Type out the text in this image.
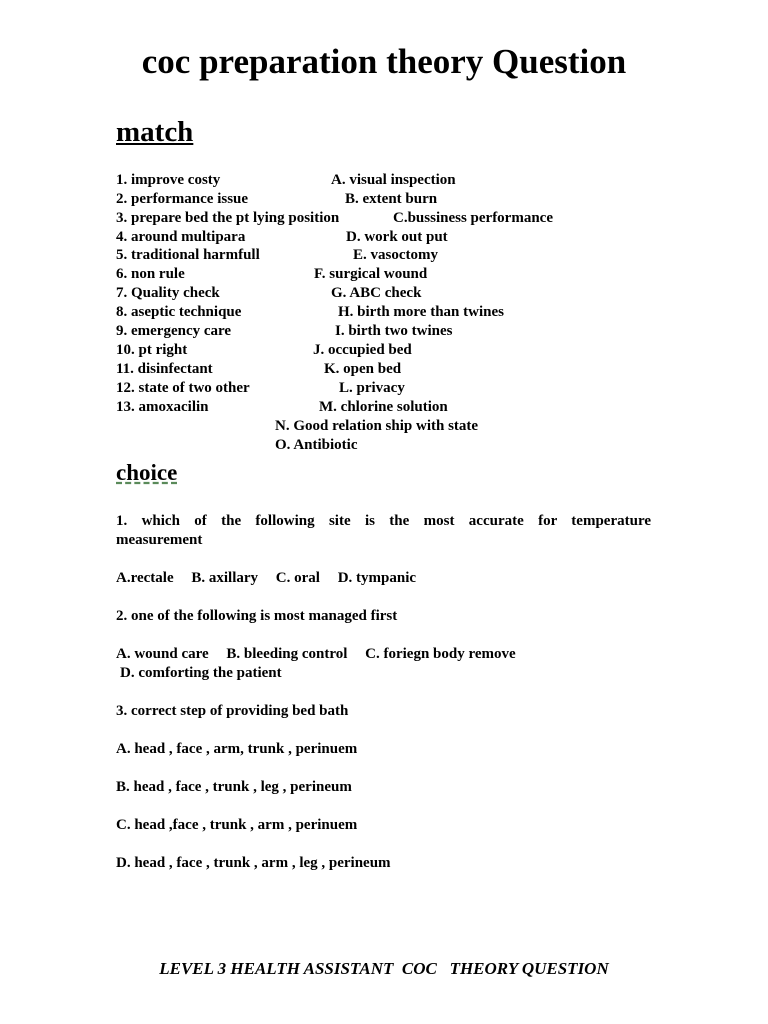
coc preparation theory Question
match
1. improve costy
2. performance issue
3. prepare bed the pt lying position
4. around multipara
5. traditional harmfull
6. non rule
7. Quality check
8. aseptic technique
9. emergency care
10. pt right
11. disinfectant
12. state of two other
13. amoxacilin
A. visual inspection
B. extent burn
C.bussiness performance
D. work out put
E. vasoctomy
F. surgical wound
G. ABC check
H. birth more than twines
I. birth two twines
J. occupied bed
K. open bed
L. privacy
M. chlorine solution
N. Good relation ship with state
O. Antibiotic
choice
1. which of the following site is the most accurate for temperature
measurement
A.rectale B. axillary C. oral D. tympanic
2. one of the following is most managed first
A. wound care B. bleeding control C. foriegn body remove
D. comforting the patient
3. correct step of providing bed bath
A. head , face , arm, trunk , perinuem
B. head , face , trunk , leg , perineum
C. head ,face , trunk , arm , perinuem
D. head , face , trunk , arm , leg , perineum
LEVEL 3 HEALTH ASSISTANT  COC   THEORY QUESTION
